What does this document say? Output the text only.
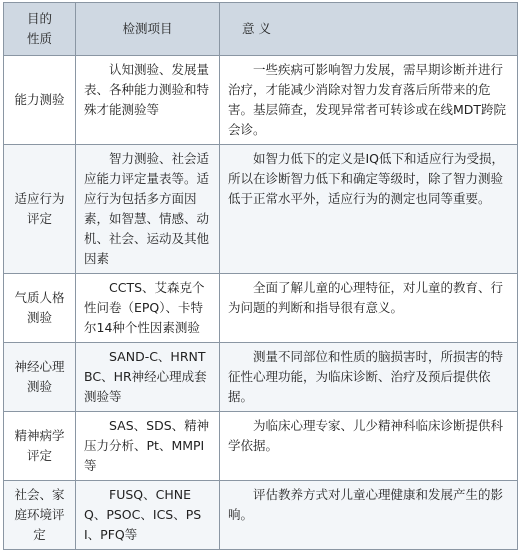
目的
性质	检测项目	意 义
能力测验	认知测验、发展量表、各种能力测验和特殊才能测验等	一些疾病可影响智力发展，需早期诊断并进行治疗，才能减少消除对智力发育落后所带来的危害。基层筛查，发现异常者可转诊或在线MDT跨院会诊。
适应行为评定	智力测验、社会适应能力评定量表等。适应行为包括多方面因素，如智慧、情感、动机、社会、运动及其他因素	如智力低下的定义是IQ低下和适应行为受损，所以在诊断智力低下和确定等级时，除了智力测验低于正常水平外，适应行为的测定也同等重要。
气质人格测验	CCTS、艾森克个性问卷（EPQ）、卡特尔14种个性因素测验	全面了解儿童的心理特征，对儿童的教育、行为问题的判断和指导很有意义。
神经心理测验	SAND-C、HRNTBC、HR神经心理成套测验等	测量不同部位和性质的脑损害时，所损害的特征性心理功能，为临床诊断、治疗及预后提供依据。
精神病学评定	SAS、SDS、精神压力分析、Pt、MMPI等	为临床心理专家、儿少精神科临床诊断提供科学依据。
社会、家庭环境评定	FUSQ、CHNEQ、PSOC、ICS、PSI、PFQ等	评估教养方式对儿童心理健康和发展产生的影响。
